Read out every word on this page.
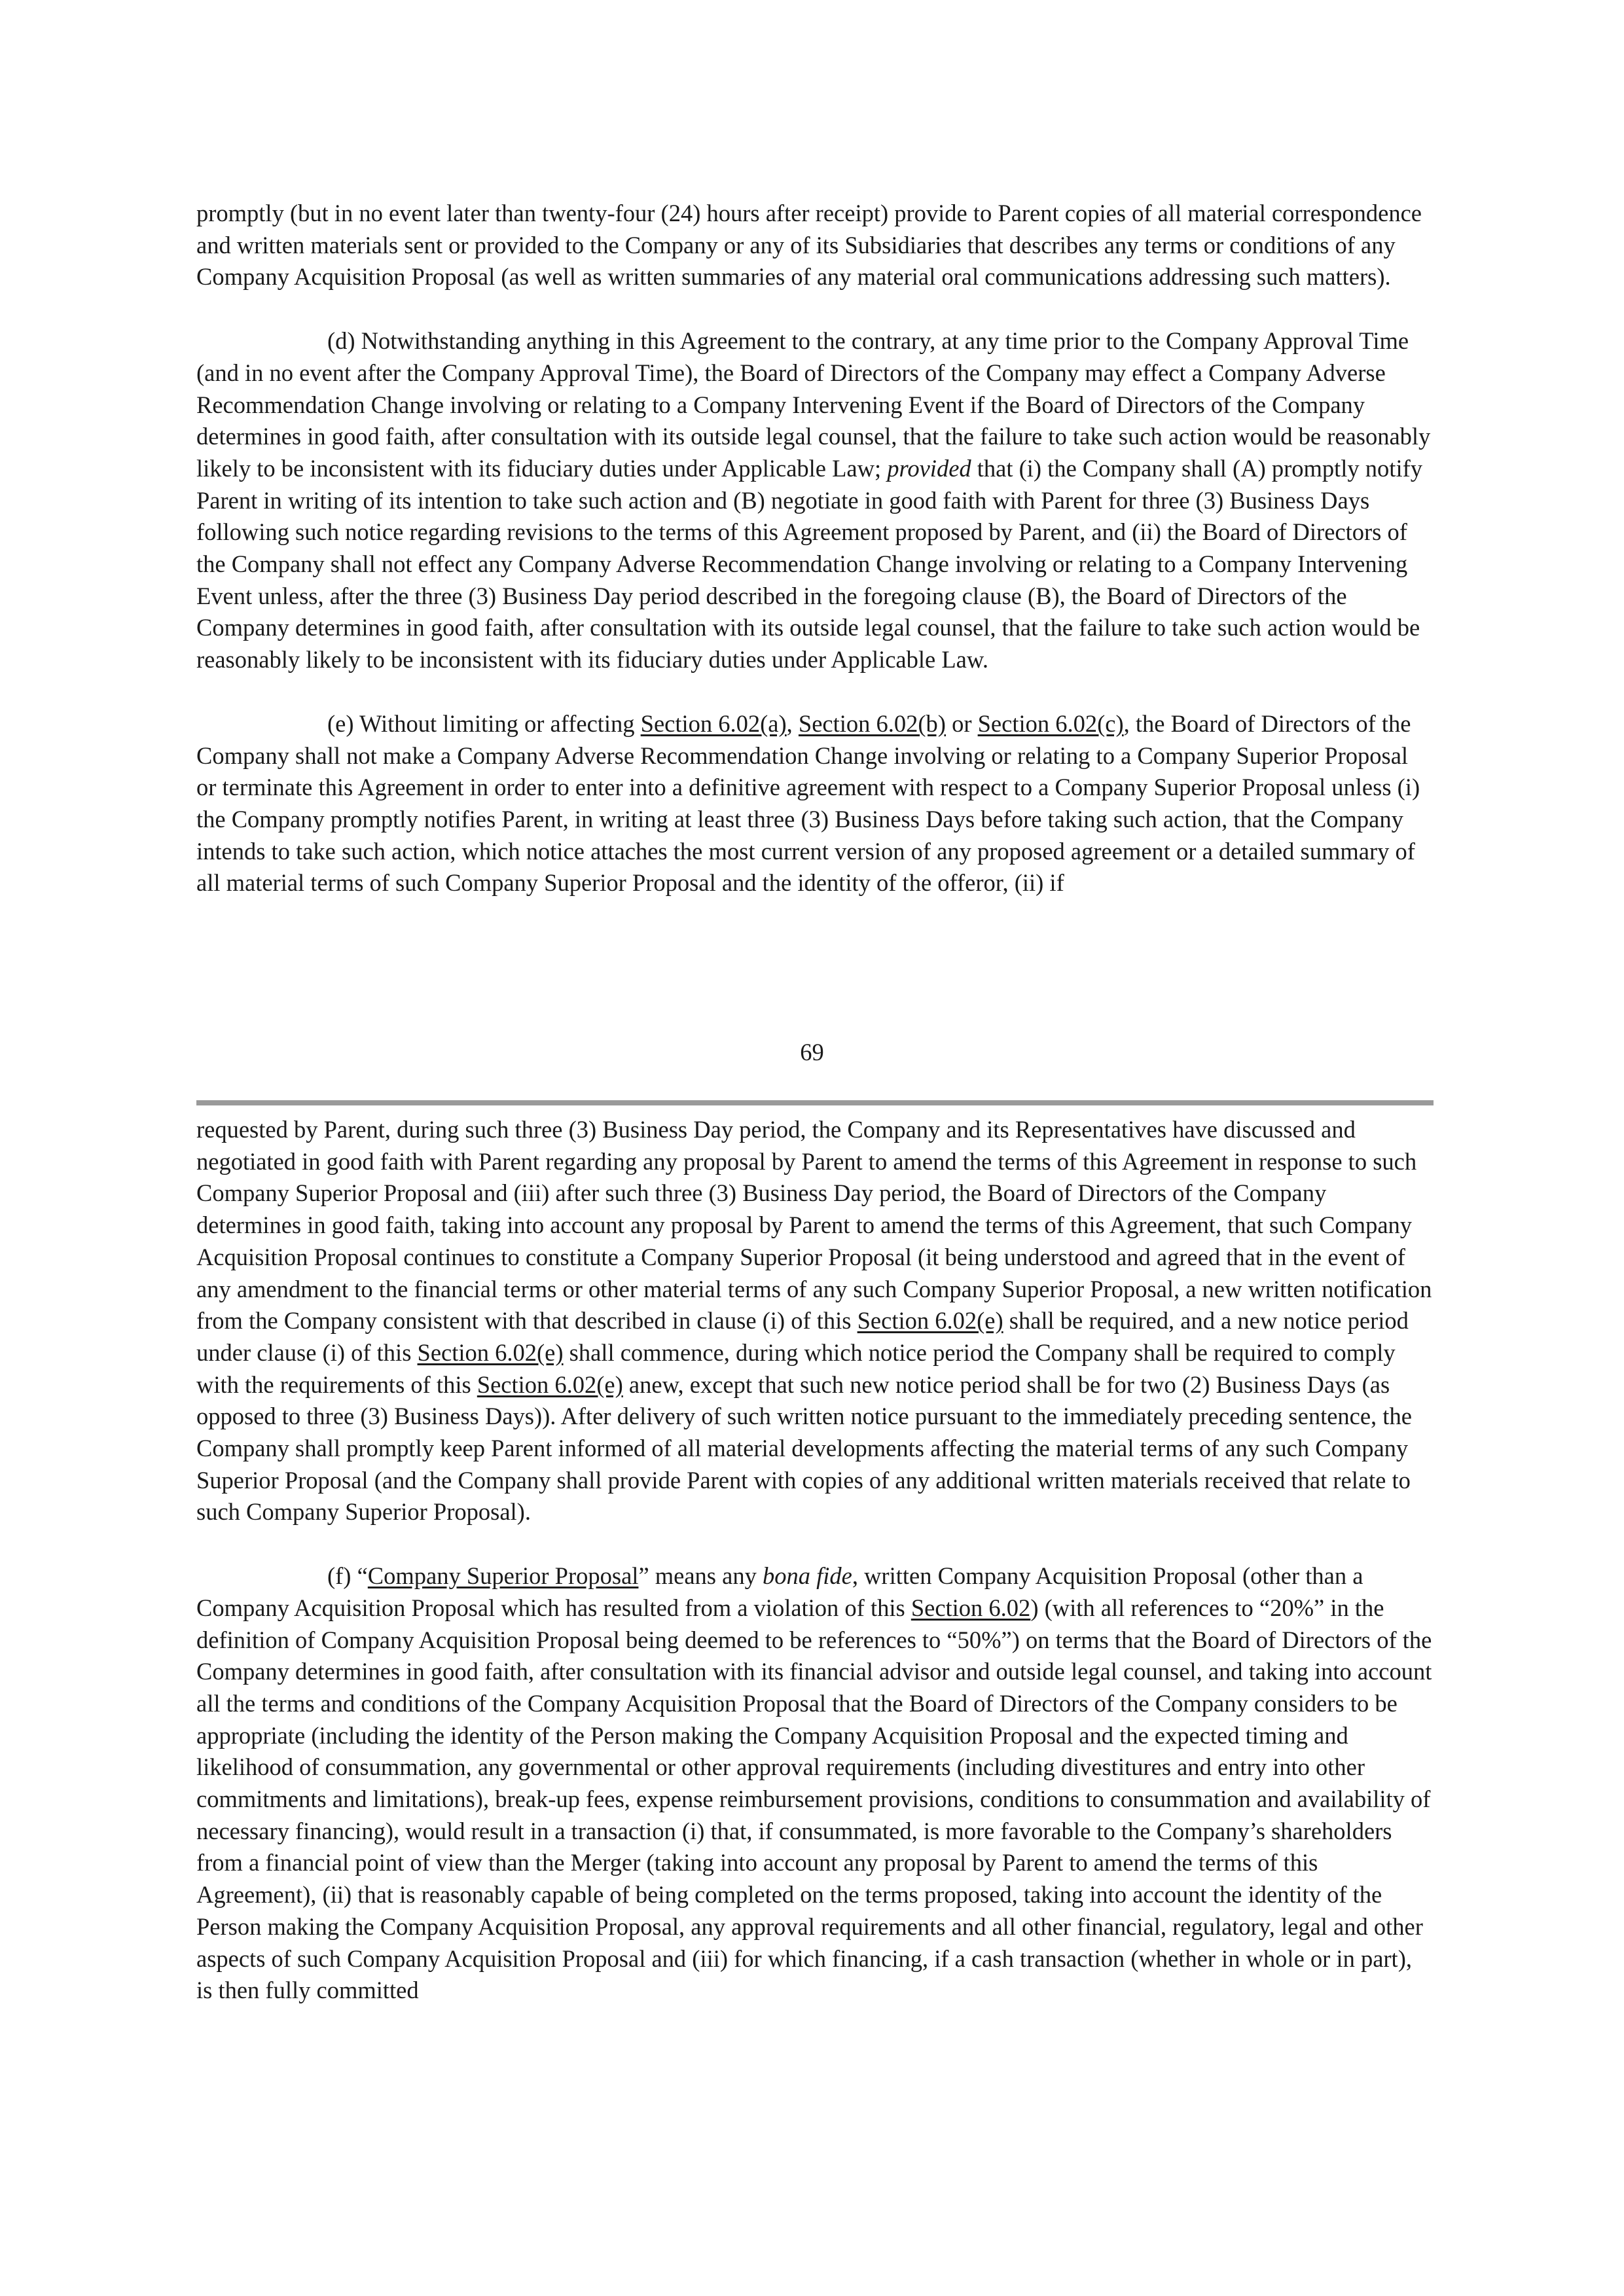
promptly (but in no event later than twenty-four (24) hours after receipt) provide to Parent copies of all material correspondence and written materials sent or provided to the Company or any of its Subsidiaries that describes any terms or conditions of any Company Acquisition Proposal (as well as written summaries of any material oral communications addressing such matters).

(d) Notwithstanding anything in this Agreement to the contrary, at any time prior to the Company Approval Time (and in no event after the Company Approval Time), the Board of Directors of the Company may effect a Company Adverse Recommendation Change involving or relating to a Company Intervening Event if the Board of Directors of the Company determines in good faith, after consultation with its outside legal counsel, that the failure to take such action would be reasonably likely to be inconsistent with its fiduciary duties under Applicable Law; provided that (i) the Company shall (A) promptly notify Parent in writing of its intention to take such action and (B) negotiate in good faith with Parent for three (3) Business Days following such notice regarding revisions to the terms of this Agreement proposed by Parent, and (ii) the Board of Directors of the Company shall not effect any Company Adverse Recommendation Change involving or relating to a Company Intervening Event unless, after the three (3) Business Day period described in the foregoing clause (B), the Board of Directors of the Company determines in good faith, after consultation with its outside legal counsel, that the failure to take such action would be reasonably likely to be inconsistent with its fiduciary duties under Applicable Law.

(e) Without limiting or affecting Section 6.02(a), Section 6.02(b) or Section 6.02(c), the Board of Directors of the Company shall not make a Company Adverse Recommendation Change involving or relating to a Company Superior Proposal or terminate this Agreement in order to enter into a definitive agreement with respect to a Company Superior Proposal unless (i) the Company promptly notifies Parent, in writing at least three (3) Business Days before taking such action, that the Company intends to take such action, which notice attaches the most current version of any proposed agreement or a detailed summary of all material terms of such Company Superior Proposal and the identity of the offeror, (ii) if

69

requested by Parent, during such three (3) Business Day period, the Company and its Representatives have discussed and negotiated in good faith with Parent regarding any proposal by Parent to amend the terms of this Agreement in response to such Company Superior Proposal and (iii) after such three (3) Business Day period, the Board of Directors of the Company determines in good faith, taking into account any proposal by Parent to amend the terms of this Agreement, that such Company Acquisition Proposal continues to constitute a Company Superior Proposal (it being understood and agreed that in the event of any amendment to the financial terms or other material terms of any such Company Superior Proposal, a new written notification from the Company consistent with that described in clause (i) of this Section 6.02(e) shall be required, and a new notice period under clause (i) of this Section 6.02(e) shall commence, during which notice period the Company shall be required to comply with the requirements of this Section 6.02(e) anew, except that such new notice period shall be for two (2) Business Days (as opposed to three (3) Business Days)). After delivery of such written notice pursuant to the immediately preceding sentence, the Company shall promptly keep Parent informed of all material developments affecting the material terms of any such Company Superior Proposal (and the Company shall provide Parent with copies of any additional written materials received that relate to such Company Superior Proposal).

(f) “Company Superior Proposal” means any bona fide, written Company Acquisition Proposal (other than a Company Acquisition Proposal which has resulted from a violation of this Section 6.02) (with all references to “20%” in the definition of Company Acquisition Proposal being deemed to be references to “50%”) on terms that the Board of Directors of the Company determines in good faith, after consultation with its financial advisor and outside legal counsel, and taking into account all the terms and conditions of the Company Acquisition Proposal that the Board of Directors of the Company considers to be appropriate (including the identity of the Person making the Company Acquisition Proposal and the expected timing and likelihood of consummation, any governmental or other approval requirements (including divestitures and entry into other commitments and limitations), break-up fees, expense reimbursement provisions, conditions to consummation and availability of necessary financing), would result in a transaction (i) that, if consummated, is more favorable to the Company’s shareholders from a financial point of view than the Merger (taking into account any proposal by Parent to amend the terms of this Agreement), (ii) that is reasonably capable of being completed on the terms proposed, taking into account the identity of the Person making the Company Acquisition Proposal, any approval requirements and all other financial, regulatory, legal and other aspects of such Company Acquisition Proposal and (iii) for which financing, if a cash transaction (whether in whole or in part), is then fully committed
